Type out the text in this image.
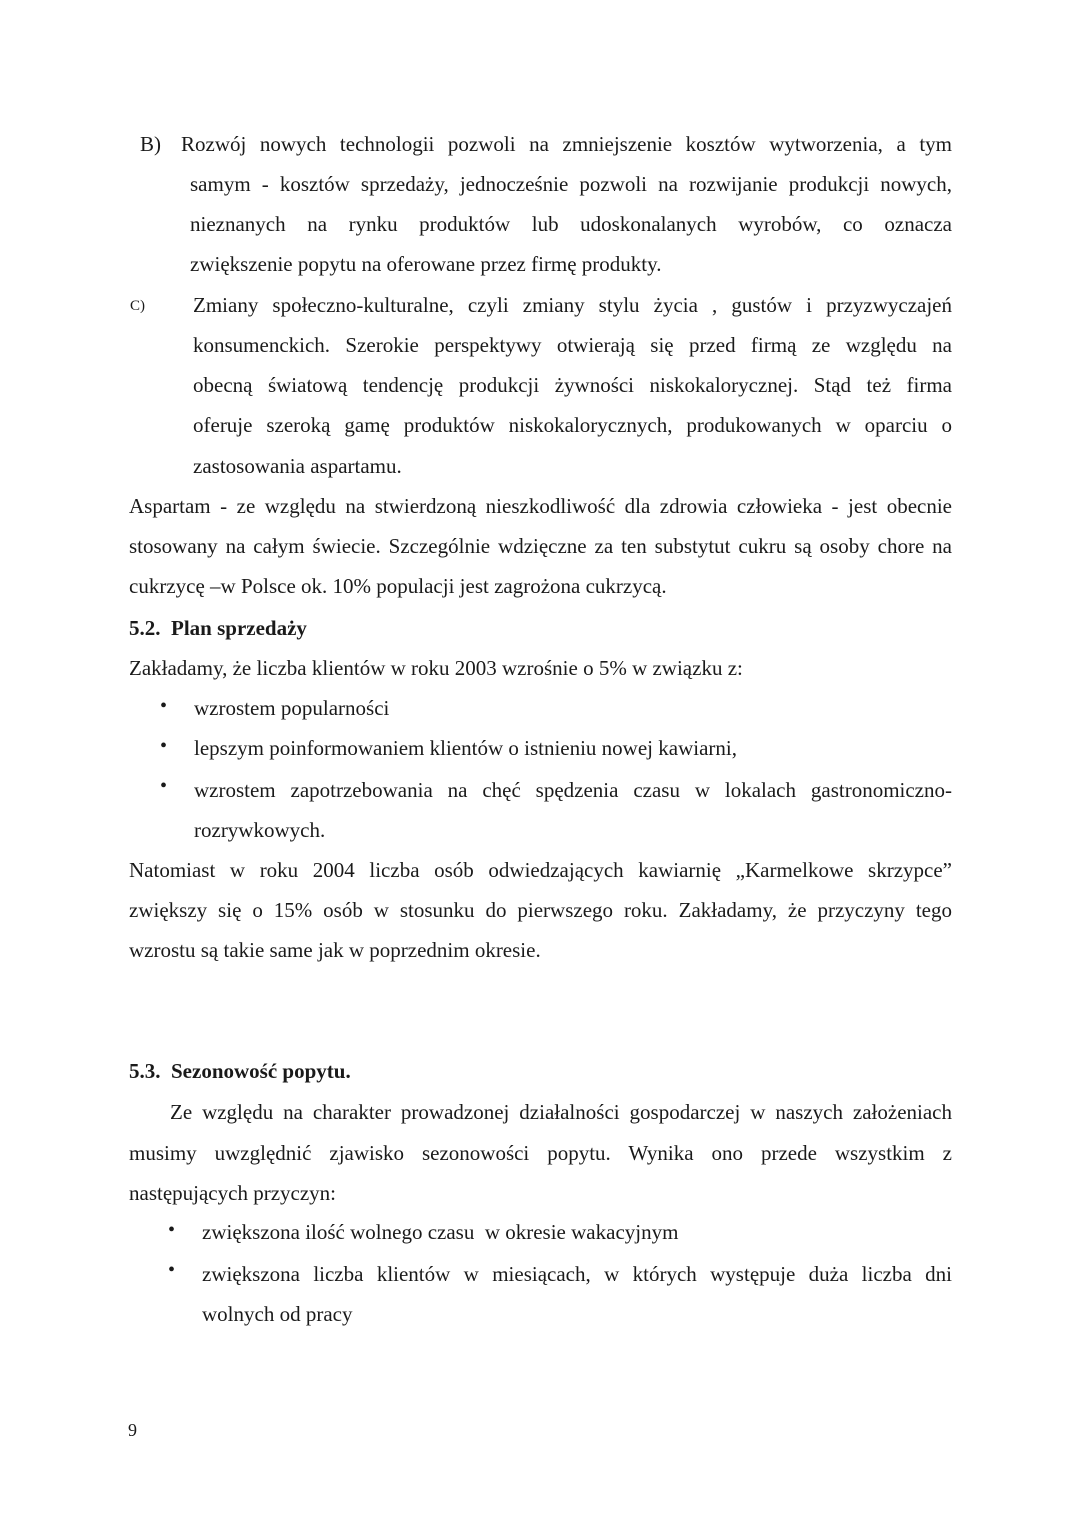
B) Rozwój nowych technologii pozwoli na zmniejszenie kosztów wytworzenia, a tym
samym - kosztów sprzedaży, jednocześnie pozwoli na rozwijanie produkcji nowych,
nieznanych na rynku produktów lub udoskonalanych wyrobów, co oznacza
zwiększenie popytu na oferowane przez firmę produkty.
C) Zmiany społeczno-kulturalne, czyli zmiany stylu życia , gustów i przyzwyczajeń
konsumenckich. Szerokie perspektywy otwierają się przed firmą ze względu na
obecną światową tendencję produkcji żywności niskokalorycznej. Stąd też firma
oferuje szeroką gamę produktów niskokalorycznych, produkowanych w oparciu o
zastosowania aspartamu.
Aspartam - ze względu na stwierdzoną nieszkodliwość dla zdrowia człowieka - jest obecnie
stosowany na całym świecie. Szczególnie wdzięczne za ten substytut cukru są osoby chore na
cukrzycę –w Polsce ok. 10% populacji jest zagrożona cukrzycą.
5.2.  Plan sprzedaży
Zakładamy, że liczba klientów w roku 2003 wzrośnie o 5% w związku z:
• wzrostem popularności
• lepszym poinformowaniem klientów o istnieniu nowej kawiarni,
• wzrostem zapotrzebowania na chęć spędzenia czasu w lokalach gastronomiczno-
rozrywkowych.
Natomiast w roku 2004 liczba osób odwiedzających kawiarnię „Karmelkowe skrzypce”
zwiększy się o 15% osób w stosunku do pierwszego roku. Zakładamy, że przyczyny tego
wzrostu są takie same jak w poprzednim okresie.
5.3.  Sezonowość popytu.
Ze względu na charakter prowadzonej działalności gospodarczej w naszych założeniach
musimy uwzględnić zjawisko sezonowości popytu. Wynika ono przede wszystkim z
następujących przyczyn:
• zwiększona ilość wolnego czasu  w okresie wakacyjnym
• zwiększona liczba klientów w miesiącach, w których występuje duża liczba dni
wolnych od pracy
9
